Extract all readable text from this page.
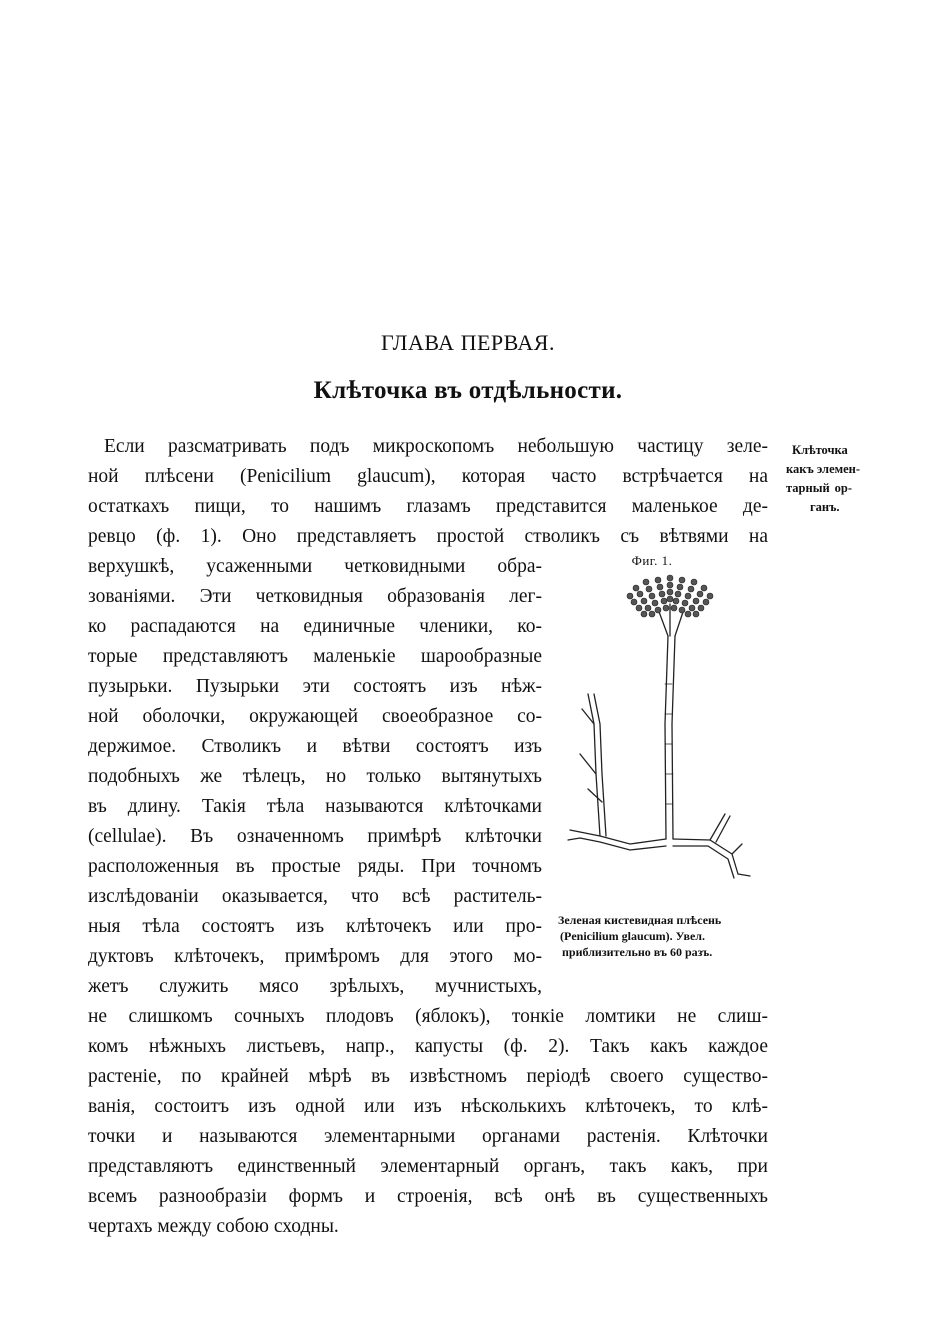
ГЛАВА ПЕРВАЯ.
Клѣточка въ отдѣльности.
Клѣточка
какъ элемен-
тарный ор-
ганъ.
Если разсматривать подъ микроскопомъ небольшую частицу зеле-
ной плѣсени (Penicilium glaucum), которая часто встрѣчается на
остаткахъ пищи, то нашимъ глазамъ представится маленькое де-
ревцо (ф. 1). Оно представляетъ простой стволикъ съ вѣтвями на
верхушкѣ, усаженными четковидными обра-
зованіями. Эти четковидныя образованія лег-
ко распадаются на единичные членики, ко-
торые представляютъ маленькіе шарообразные
пузырьки. Пузырьки эти состоятъ изъ нѣж-
ной оболочки, окружающей своеобразное со-
держимое. Стволикъ и вѣтви состоятъ изъ
подобныхъ же тѣлецъ, но только вытянутыхъ
въ длину. Такія тѣла называются клѣточками
(cellulae). Въ означенномъ примѣрѣ клѣточки
расположенныя въ простые ряды. При точномъ
изслѣдованіи оказывается, что всѣ раститель-
ныя тѣла состоятъ изъ клѣточекъ или про-
дуктовъ клѣточекъ, примѣромъ для этого мо-
жетъ служить мясо зрѣлыхъ, мучнистыхъ,
не слишкомъ сочныхъ плодовъ (яблокъ), тонкіе ломтики не слиш-
комъ нѣжныхъ листьевъ, напр., капусты (ф. 2). Такъ какъ каждое
растеніе, по крайней мѣрѣ въ извѣстномъ періодѣ своего существо-
ванія, состоитъ изъ одной или изъ нѣсколькихъ клѣточекъ, то клѣ-
точки и называются элементарными органами растенія. Клѣточки
представляютъ единственный элементарный органъ, такъ какъ, при
всемъ разнообразіи формъ и строенія, всѣ онѣ въ существенныхъ
чертахъ между собою сходны.
Фиг. 1.
Зеленая кистевидная плѣсень
(Penicilium glaucum). Увел.
приблизительно въ 60 разъ.
